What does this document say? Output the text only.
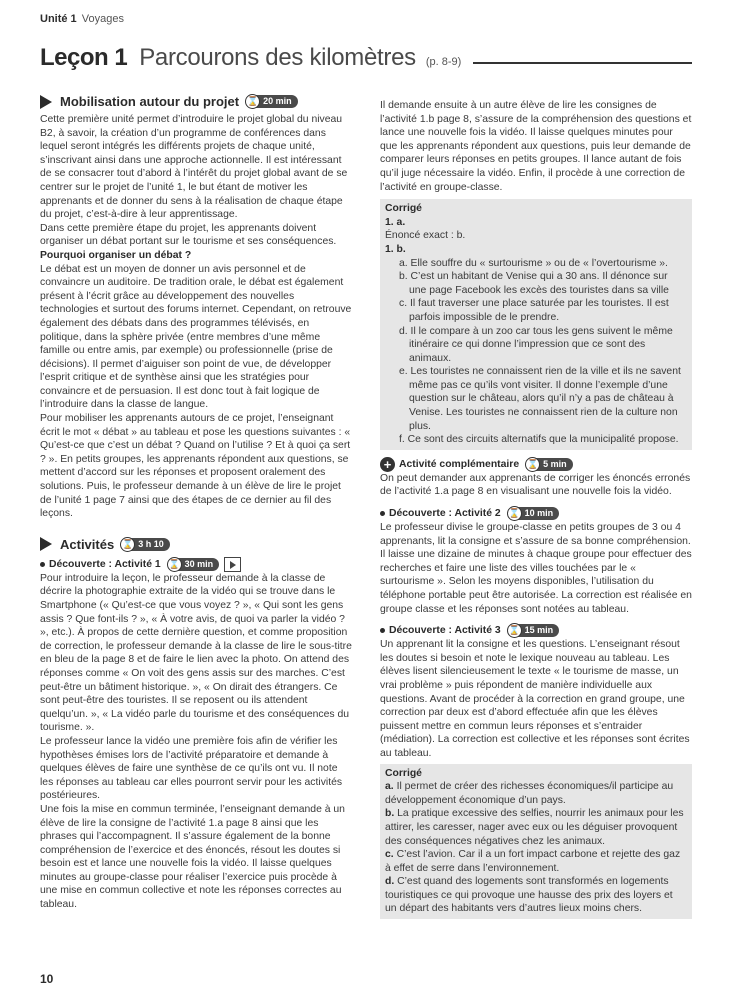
Unité 1 Voyages
Leçon 1 Parcourons des kilomètres (p. 8-9)
Mobilisation autour du projet ⌛ 20 min

Cette première unité permet d’introduire le projet global du niveau B2, à savoir, la création d’un programme de conférences dans lequel seront intégrés les différents projets de chaque unité, s’inscrivant ainsi dans une approche actionnelle. Il est intéressant de se consacrer tout d’abord à l’intérêt du projet global avant de se centrer sur le projet de l’unité 1, le but étant de motiver les apprenants et de donner du sens à la réalisation de chaque étape du projet, c’est-à-dire à leur apprentissage.

Dans cette première étape du projet, les apprenants doivent organiser un débat portant sur le tourisme et ses conséquences.

Pourquoi organiser un débat ?

Le débat est un moyen de donner un avis personnel et de convaincre un auditoire. De tradition orale, le débat est également présent à l’écrit grâce au développement des nouvelles technologies et surtout des forums internet. Cependant, on retrouve également des débats dans des programmes télévisés, en politique, dans la sphère privée (entre membres d’une même famille ou entre amis, par exemple) ou professionnelle (prise de décisions). Il permet d’aiguiser son point de vue, de développer l’esprit critique et de synthèse ainsi que les stratégies pour convaincre et de persuasion. Il est donc tout à fait logique de l’introduire dans la classe de langue.

Pour mobiliser les apprenants autours de ce projet, l’enseignant écrit le mot « débat » au tableau et pose les questions suivantes : « Qu’est-ce que c’est un débat ? Quand on l’utilise ? Et à quoi ça sert ? ». En petits groupes, les apprenants répondent aux questions, se mettent d’accord sur les réponses et proposent oralement des solutions. Puis, le professeur demande à un élève de lire le projet de l’unité 1 page 7 ainsi que des étapes de ce dernier au fil des leçons.

Activités ⌛ 3 h 10
Découverte : Activité 1 ⌛ 30 min

Pour introduire la leçon, le professeur demande à la classe de décrire la photographie extraite de la vidéo qui se trouve dans le Smartphone (« Qu’est-ce que vous voyez ? », « Qui sont les gens assis ? Que font-ils ? », « À votre avis, de quoi va parler la vidéo ? », etc.). À propos de cette dernière question, et comme proposition de correction, le professeur demande à la classe de lire le sous-titre en bleu de la page 8 et de faire le lien avec la photo. On attend des réponses comme « On voit des gens assis sur des marches. C’est peut-être un bâtiment historique. », « On dirait des étrangers. Ce sont peut-être des touristes. Il se reposent ou ils attendent quelqu’un. », « La vidéo parle du tourisme et des conséquences du tourisme. ».

Le professeur lance la vidéo une première fois afin de vérifier les hypothèses émises lors de l’activité préparatoire et demande à quelques élèves de faire une synthèse de ce qu’ils ont vu. Il note les réponses au tableau car elles pourront servir pour les activités postérieures.

Une fois la mise en commun terminée, l’enseignant demande à un élève de lire la consigne de l’activité 1.a page 8 ainsi que les phrases qui l’accompagnent. Il s’assure également de la bonne compréhension de l’exercice et des énoncés, résout les doutes si besoin est et lance une nouvelle fois la vidéo. Il laisse quelques minutes au groupe-classe pour réaliser l’exercice puis procède à une mise en commun collective et note les réponses correctes au tableau.

Il demande ensuite à un autre élève de lire les consignes de l’activité 1.b page 8, s’assure de la compréhension des questions et lance une nouvelle fois la vidéo. Il laisse quelques minutes pour que les apprenants répondent aux questions, puis leur demande de comparer leurs réponses en petits groupes. Il lance autant de fois qu’il juge nécessaire la vidéo. Enfin, il procède à une correction de l’activité en groupe-classe.

Corrigé
1. a.
Énoncé exact : b.
1. b.
a. Elle souffre du « surtourisme » ou de « l’overtourisme ».
b. C’est un habitant de Venise qui a 30 ans. Il dénonce sur une page Facebook les excès des touristes dans sa ville
c. Il faut traverser une place saturée par les touristes. Il est parfois impossible de le prendre.
d. Il le compare à un zoo car tous les gens suivent le même itinéraire ce qui donne l’impression que ce sont des animaux.
e. Les touristes ne connaissent rien de la ville et ils ne savent même pas ce qu’ils vont visiter. Il donne l’exemple d’une question sur le château, alors qu’il n’y a pas de château à Venise. Les touristes ne connaissent rien de la culture non plus.
f. Ce sont des circuits alternatifs que la municipalité propose.
+ Activité complémentaire ⌛ 5 min

On peut demander aux apprenants de corriger les énoncés erronés de l’activité 1.a page 8 en visualisant une nouvelle fois la vidéo.

Découverte : Activité 2 ⌛ 10 min

Le professeur divise le groupe-classe en petits groupes de 3 ou 4 apprenants, lit la consigne et s’assure de sa bonne compréhension. Il laisse une dizaine de minutes à chaque groupe pour effectuer des recherches et faire une liste des villes touchées par le « surtourisme ». Selon les moyens disponibles, l’utilisation du téléphone portable peut être autorisée. La correction est réalisée en groupe classe et les réponses sont notées au tableau.

Découverte : Activité 3 ⌛ 15 min

Un apprenant lit la consigne et les questions. L’enseignant résout les doutes si besoin et note le lexique nouveau au tableau. Les élèves lisent silencieusement le texte « le tourisme de masse, un vrai problème » puis répondent de manière individuelle aux questions. Avant de procéder à la correction en grand groupe, une correction par deux est d’abord effectuée afin que les élèves puissent mettre en commun leurs réponses et s’entraider (médiation). La correction est collective et les réponses sont écrites au tableau.

Corrigé
a. Il permet de créer des richesses économiques/il participe au développement économique d’un pays.
b. La pratique excessive des selfies, nourrir les animaux pour les attirer, les caresser, nager avec eux ou les déguiser provoquent des conséquences négatives chez les animaux.
c. C’est l’avion. Car il a un fort impact carbone et rejette des gaz à effet de serre dans l’environnement.
d. C’est quand des logements sont transformés en logements touristiques ce qui provoque une hausse des prix des loyers et un départ des habitants vers d’autres lieux moins chers.
10
